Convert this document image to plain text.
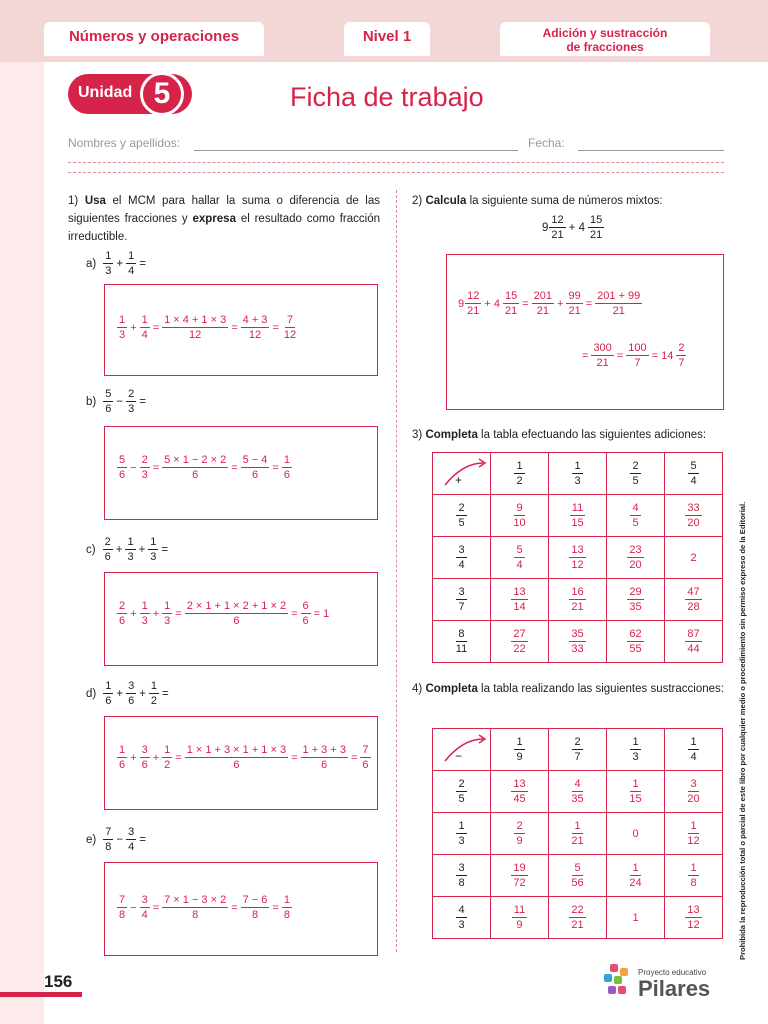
Números y operaciones	Nivel 1	Adición y sustracción
de fracciones
Unidad 5	Ficha de trabajo
Nombres y apellidos:	Fecha:
1) Usa el MCM para hallar la suma o diferencia de las siguientes fracciones y expresa el resultado como fracción irreductible.
$a) \frac{1}{3} + \frac{1}{4}$ =
$\frac{1}{3} + \frac{1}{4} = \frac{1 \times 4 + 1 \times 3}{12} = \frac{4 + 3}{12} = \frac{7}{12}$
$b) \frac{5}{6} - \frac{2}{3}$ =
$\frac{5}{6} - \frac{2}{3} = \frac{5 \times 1 - 2 \times 2}{6} = \frac{5 - 4}{6} = \frac{1}{6}$
$c) \frac{2}{6} + \frac{1}{3} + \frac{1}{3}$ =
$\frac{2}{6} + \frac{1}{3} + \frac{1}{3} = \frac{2 \times 1 + 1 \times 2 + 1 \times 2}{6} = \frac{6}{6} = 1$
$d) \frac{1}{6} + \frac{3}{6} + \frac{1}{2}$ =
$\frac{1}{6} + \frac{3}{6} + \frac{1}{2} = \frac{1 \times 1 + 3 \times 1 + 1 \times 3}{6} = \frac{1 + 3 + 3}{6} = \frac{7}{6}$
$e) \frac{7}{8} - \frac{3}{4}$ =
$\frac{7}{8} - \frac{3}{4} = \frac{7 \times 1 - 3 \times 2}{8} = \frac{7 - 6}{8} = \frac{1}{8}$
2) Calcula la siguiente suma de números mixtos:
$9 \frac{12}{21} + 4 \frac{15}{21}$
$9 \frac{12}{21} + 4 \frac{15}{21} = \frac{201}{21} + \frac{99}{21} = \frac{201 + 99}{21}$
= $\frac{300}{21} = \frac{100}{7} = 14 \frac{2}{7}$
3) Completa la tabla efectuando las siguientes adiciones:
+	$\frac{1}{2}$	$\frac{1}{3}$	$\frac{2}{5}$	$\frac{5}{4}$

$\frac{2}{5}$	$\frac{9}{10}$	$\frac{11}{15}$	$\frac{4}{5}$	$\frac{33}{20}$

$\frac{3}{4}$	$\frac{5}{4}$	$\frac{13}{12}$	$\frac{23}{20}$	2

$\frac{3}{7}$	$\frac{13}{14}$	$\frac{16}{21}$	$\frac{29}{35}$	$\frac{47}{28}$

$\frac{8}{11}$	$\frac{27}{22}$	$\frac{35}{33}$	$\frac{62}{55}$	$\frac{87}{44}$
4) Completa la tabla realizando las siguientes sustracciones:
−	$\frac{1}{9}$	$\frac{2}{7}$	$\frac{1}{3}$	$\frac{1}{4}$

$\frac{2}{5}$	$\frac{13}{45}$	$\frac{4}{35}$	$\frac{1}{15}$	$\frac{3}{20}$

$\frac{1}{3}$	$\frac{2}{9}$	$\frac{1}{21}$	0	$\frac{1}{12}$

$\frac{3}{8}$	$\frac{19}{72}$	$\frac{5}{56}$	$\frac{1}{24}$	$\frac{1}{8}$

$\frac{4}{3}$	$\frac{11}{9}$	$\frac{22}{21}$	1	$\frac{13}{12}$	Prohibida la reproducción total o parcial de este libro por cualquier medio o procedimiento sin permiso expreso de la Editorial.
156	Proyecto educativo
Pilares
